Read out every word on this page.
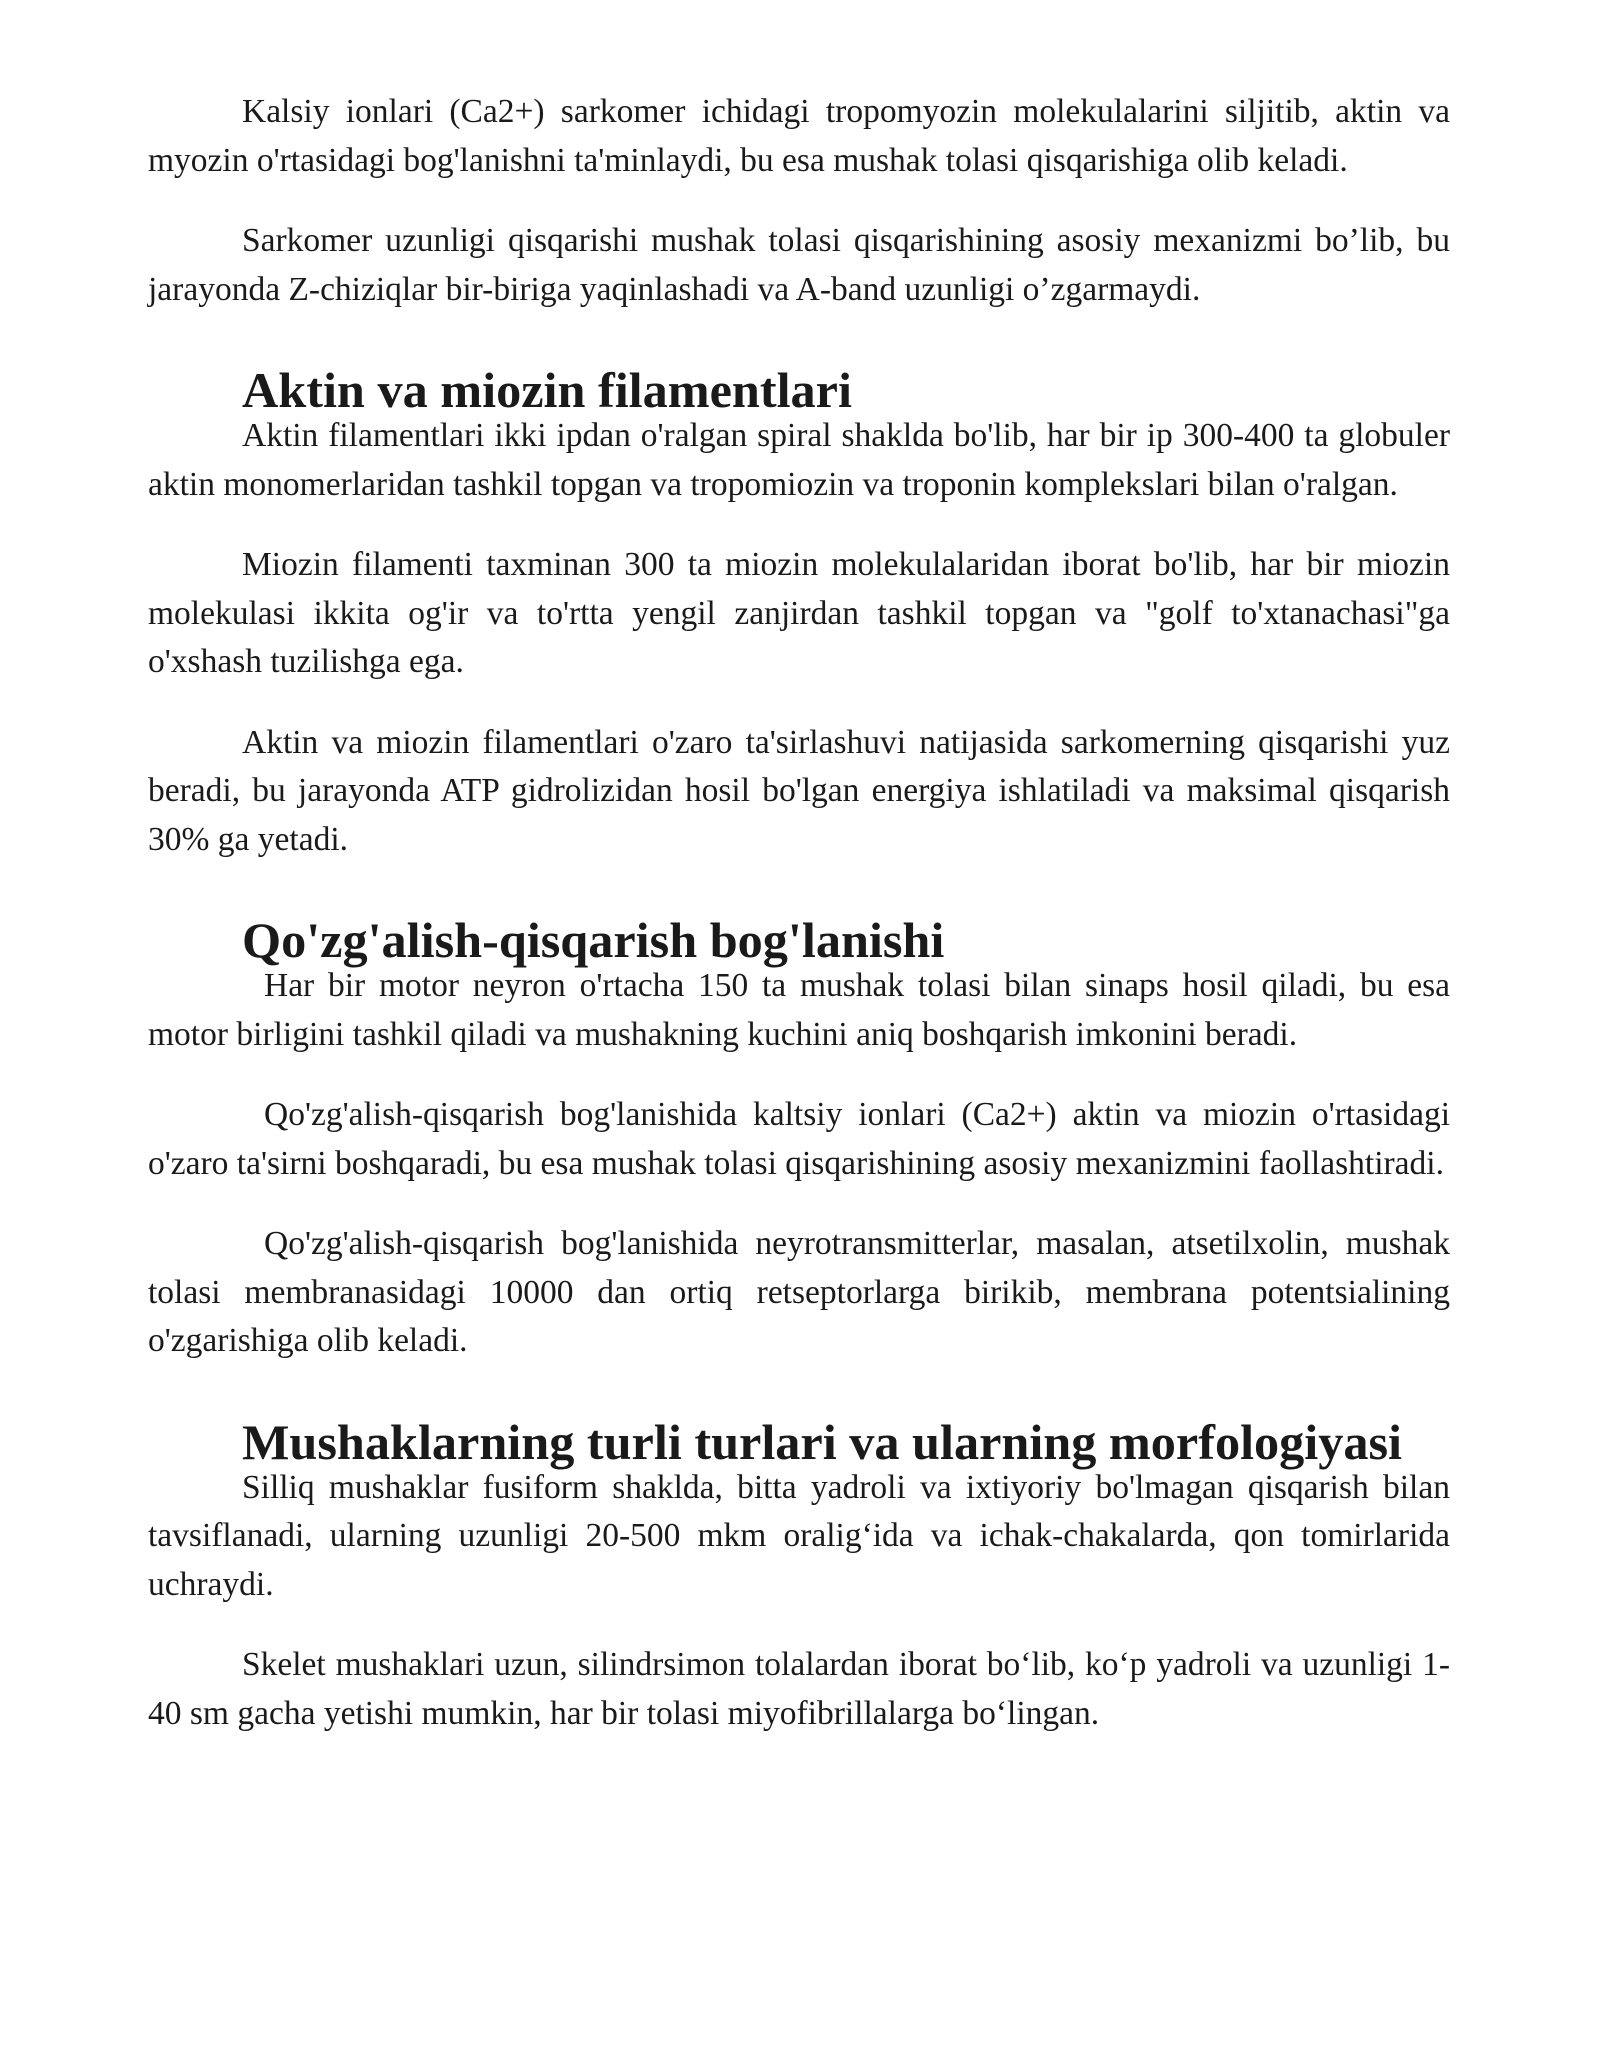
Kalsiy ionlari (Ca2+) sarkomer ichidagi tropomyozin molekulalarini siljitib, aktin va myozin o'rtasidagi bog'lanishni ta'minlaydi, bu esa mushak tolasi qisqarishiga olib keladi.

Sarkomer uzunligi qisqarishi mushak tolasi qisqarishining asosiy mexanizmi bo’lib, bu jarayonda Z-chiziqlar bir-biriga yaqinlashadi va A-band uzunligi o’zgarmaydi.

Aktin va miozin filamentlari

Aktin filamentlari ikki ipdan o'ralgan spiral shakldа bo'lib, har bir ip 300-400 ta globuler aktin monomerlaridan tashkil topgan va tropomiozin va troponin komplekslari bilan o'ralgan.

Miozin filamenti taxminan 300 ta miozin molekulalaridan iborat bo'lib, har bir miozin molekulasi ikkita og'ir va to'rtta yengil zanjirdan tashkil topgan va "golf to'xtanachasi"ga o'xshash tuzilishga ega.

Aktin va miozin filamentlari o'zaro ta'sirlashuvi natijasida sarkomerning qisqarishi yuz beradi, bu jarayonda ATP gidrolizidan hosil bo'lgan energiya ishlatiladi va maksimal qisqarish 30% ga yetadi.

Qo'zg'alish-qisqarish bog'lanishi

Har bir motor neyron o'rtacha 150 ta mushak tolasi bilan sinaps hosil qiladi, bu esa motor birligini tashkil qiladi va mushakning kuchini aniq boshqarish imkonini beradi.

Qo'zg'alish-qisqarish bog'lanishida kaltsiy ionlari (Ca2+) aktin va miozin o'rtasidagi o'zaro ta'sirni boshqaradi, bu esa mushak tolasi qisqarishining asosiy mexanizmini faollashtiradi.

Qo'zg'alish-qisqarish bog'lanishida neyrotransmitterlar, masalan, atsetilxolin, mushak tolasi membranasidagi 10000 dan ortiq retseptorlarga birikib, membrana potentsialining o'zgarishiga olib keladi.

Mushaklarning turli turlari va ularning morfologiyasi

Silliq mushaklar fusiform shakldа, bitta yadroli va ixtiyoriy bo'lmagan qisqarish bilan tavsiflanadi, ularning uzunligi 20-500 mkm oralig‘ida va ichak-chakalarda, qon tomirlarida uchraydi.

Skelet mushaklari uzun, silindrsimon tolalardan iborat bo‘lib, ko‘p yadroli va uzunligi 1-40 sm gacha yetishi mumkin, har bir tolasi miyofibrillalarga bo‘lingan.
